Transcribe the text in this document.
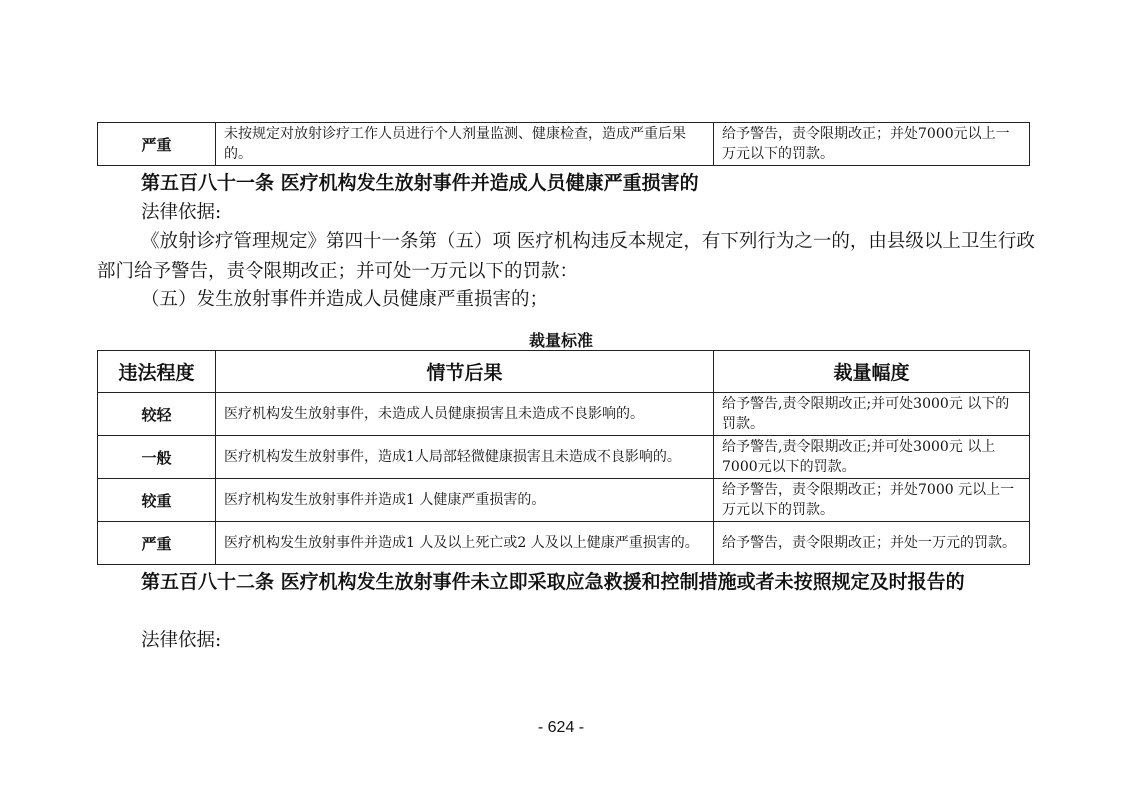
严重	未按规定对放射诊疗工作人员进行个人剂量监测、健康检查，造成严重后果的。	给予警告，责令限期改正；并处7000元以上一万元以下的罚款。
第五百八十一条 医疗机构发生放射事件并造成人员健康严重损害的
法律依据:
《放射诊疗管理规定》第四十一条第（五）项 医疗机构违反本规定，有下列行为之一的，由县级以上卫生行政部门给予警告，责令限期改正；并可处一万元以下的罚款：
（五）发生放射事件并造成人员健康严重损害的；
裁量标准
违法程度	情节后果	裁量幅度
较轻	医疗机构发生放射事件，未造成人员健康损害且未造成不良影响的。	给予警告,责令限期改正;并可处3000元 以下的罚款。
一般	医疗机构发生放射事件，造成1人局部轻微健康损害且未造成不良影响的。	给予警告,责令限期改正;并可处3000元 以上7000元以下的罚款。
较重	医疗机构发生放射事件并造成1 人健康严重损害的。	给予警告，责令限期改正；并处7000 元以上一万元以下的罚款。
严重	医疗机构发生放射事件并造成1 人及以上死亡或2 人及以上健康严重损害的。	给予警告，责令限期改正；并处一万元的罚款。
第五百八十二条 医疗机构发生放射事件未立即采取应急救援和控制措施或者未按照规定及时报告的
法律依据:
- 624 -
